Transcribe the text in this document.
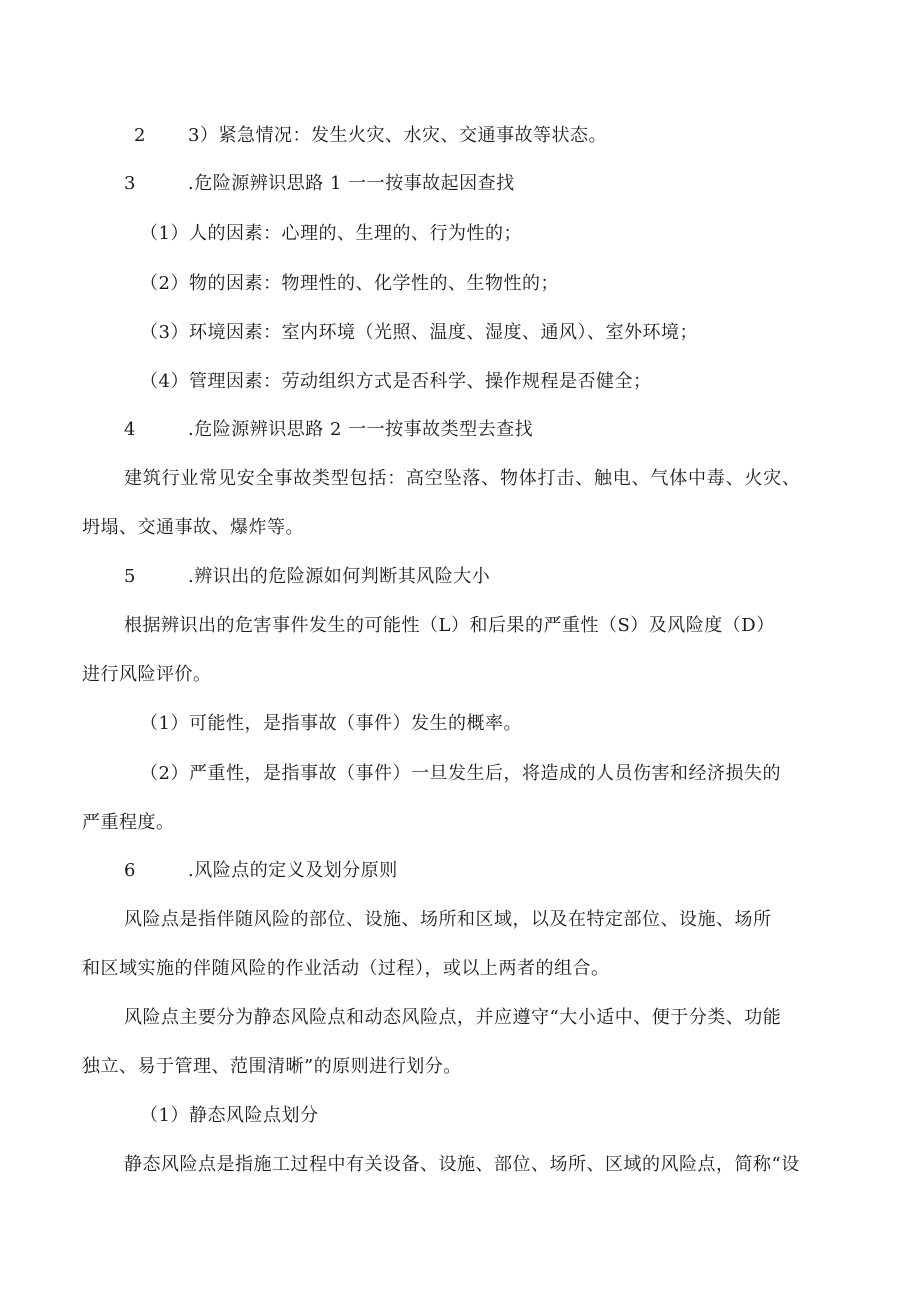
2 3）紧急情况：发生火灾、水灾、交通事故等状态。
3	.危险源辨识思路 1 一一按事故起因查找
（1）人的因素：心理的、生理的、行为性的；
（2）物的因素：物理性的、化学性的、生物性的；
（3）环境因素：室内环境（光照、温度、湿度、通风）、室外环境；
（4）管理因素：劳动组织方式是否科学、操作规程是否健全；
4	.危险源辨识思路 2 一一按事故类型去查找
建筑行业常见安全事故类型包括：高空坠落、物体打击、触电、气体中毒、火灾、
坍塌、交通事故、爆炸等。
5	.辨识出的危险源如何判断其风险大小
根据辨识出的危害事件发生的可能性（L）和后果的严重性（S）及风险度（D）
进行风险评价。
（1）可能性，是指事故（事件）发生的概率。
（2）严重性，是指事故（事件）一旦发生后，将造成的人员伤害和经济损失的
严重程度。
6	.风险点的定义及划分原则
风险点是指伴随风险的部位、设施、场所和区域，以及在特定部位、设施、场所
和区域实施的伴随风险的作业活动（过程），或以上两者的组合。
风险点主要分为静态风险点和动态风险点，并应遵守“大小适中、便于分类、功能
独立、易于管理、范围清晰”的原则进行划分。
（1）静态风险点划分
静态风险点是指施工过程中有关设备、设施、部位、场所、区域的风险点，简称“设
